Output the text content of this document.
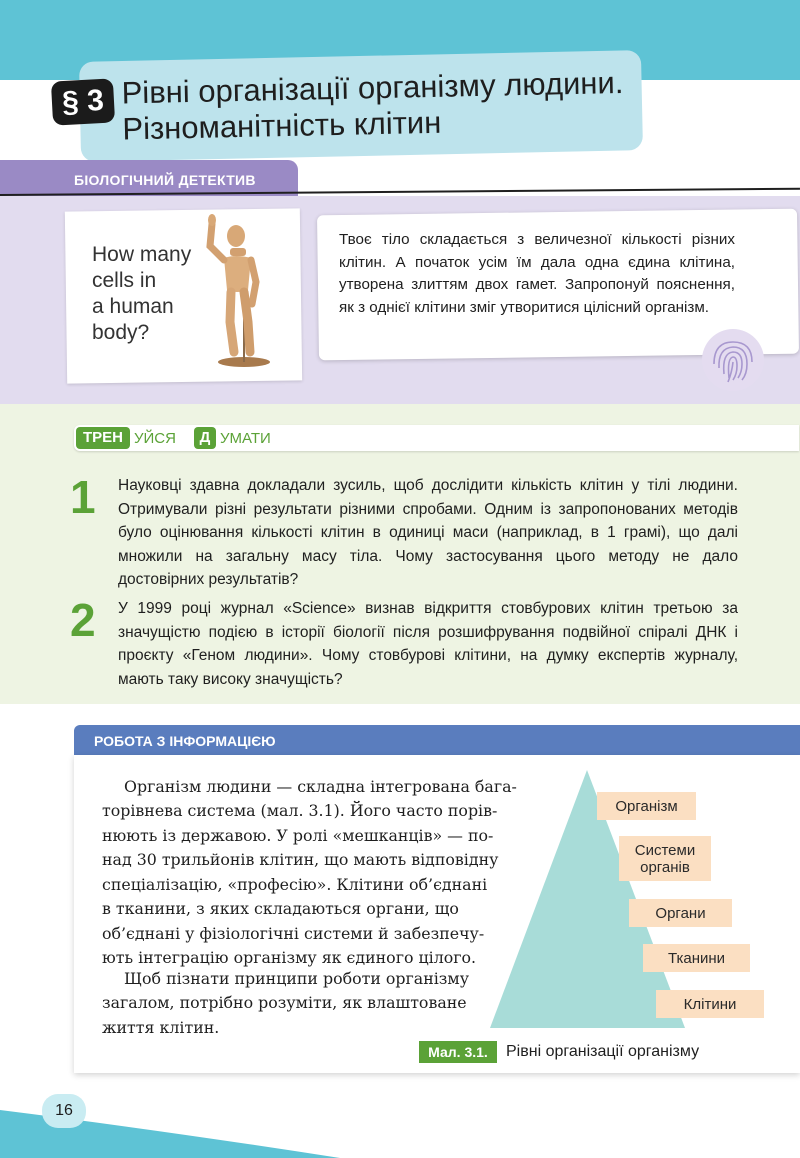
§ 3 Рівні організації організму людини.
Різноманітність клітин
БІОЛОГІЧНИЙ ДЕТЕКТИВ
How many
cells in
a human
body?
Твоє тіло складається з величезної кількості різних клітин. А початок усім їм дала одна єдина клітина, утворена злиттям двох гамет. Запропонуй пояснення, як з однієї клітини зміг утворитися цілісний організм.
ТРЕН УЙСЯ	Д УМАТИ
1 Науковці здавна докладали зусиль, щоб дослідити кількість клітин у тілі людини. Отримували різні результати різними спробами. Одним із запропонованих методів було оцінювання кількості клітин в одиниці маси (наприклад, в 1 грамі), що далі множили на загальну масу тіла. Чому застосування цього методу не дало достовірних результатів?
2 У 1999 році журнал «Science» визнав відкриття стовбурових клітин третьою за значущістю подією в історії біології після розшифрування подвійної спіралі ДНК і проєкту «Геном людини». Чому стовбурові клітини, на думку експертів журналу, мають таку високу значущість?
РОБОТА З ІНФОРМАЦІЄЮ
Організм людини — складна інтегрована бага-
торівнева система (мал. 3.1). Його часто порів-
нюють із державою. У ролі «мешканців» — по-
над 30 трильйонів клітин, що мають відповідну
спеціалізацію, «професію». Клітини об’єднані
в тканини, з яких складаються органи, що
об’єднані у фізіологічні системи й забезпечу-
ють інтеграцію організму як єдиного цілого.
Щоб пізнати принципи роботи організму
загалом, потрібно розуміти, як влаштоване
життя клітин.
Організм
Системи органів
Органи
Тканини
Клітини
Мал. 3.1.	Рівні організації організму
16
